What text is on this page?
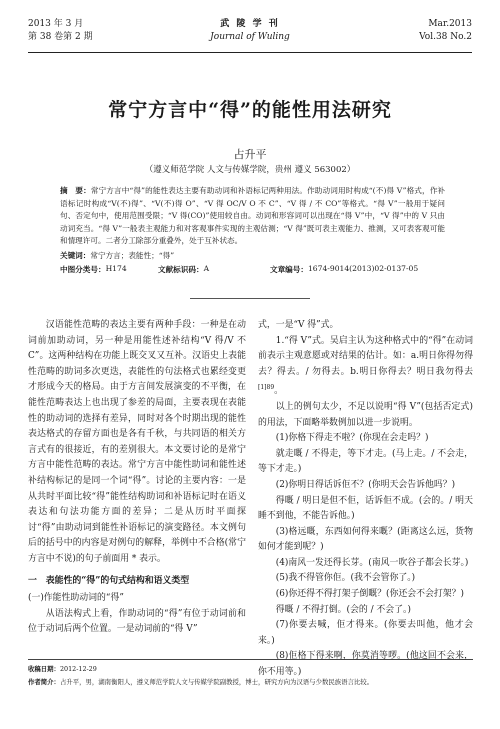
2013 年 3 月
第 38 卷第 2 期
武 陵 学 刊
Journal of Wuling
Mar.2013
Vol.38 No.2
常宁方言中“得”的能性用法研究
占升平
（遵义师范学院 人文与传媒学院，贵州 遵义 563002）
摘　要：常宁方言中“得”的能性表达主要有助动词和补语标记两种用法。作助动词用时构成“(不)得 V”格式，作补语标记时构成“V(不)得”、“V(不)得 O”、“V 得 OC/V O 不 C”、“V 得 / 不 CO”等格式。“得 V”一般用于疑问句、否定句中，使用范围受限；“V 得(CO)”使用较自由。动词和形容词可以出现在“得 V”中，“V 得”中的 V 只由动词充当。“得 V”一般表主观能力和对客观事件实现的主观估测；“V 得”既可表主观能力、推测，又可表客观可能和情理许可。二者分工除部分重叠外，处于互补状态。
关键词：常宁方言；表能性；“得”
中图分类号： H174	文献标识码： A	文章编号： 1674-9014(2013)02-0137-05

汉语能性范畴的表达主要有两种手段：一种是在动词前加助动词，另一种是用能性述补结构“V 得/V 不 C”。这两种结构在功能上既交叉又互补。汉语史上表能性范畴的助词多次更迭，表能性的句法格式也累经变更才形成今天的格局。由于方言间发展演变的不平衡，在能性范畴表达上也出现了参差的局面，主要表现在表能性的助动词的选择有差异，同时对各个时期出现的能性表达格式的存留方面也是各有千秋，与共同语的相关方言式有的很接近，有的差别很大。本文要讨论的是常宁方言中能性范畴的表达。常宁方言中能性助词和能性述补结构标记的是同一个词“得”。讨论的主要内容：一是从共时平面比较“得”能性结构助词和补语标记时在语义表达和句法功能方面的差异；二是从历时平面探讨“得”由助动词到能性补语标记的演变路径。本文例句后的括号中的内容是对例句的解释，举例中不合格(常宁方言中不说)的句子前面用 * 表示。

一　表能性的“得”的句式结构和语义类型

(一)作能性助动词的“得”

从语法构式上看，作助动词的“得”有位于动词前和位于动词后两个位置。一是动词前的“得 V”

式，一是“V 得”式。

1.“得 V”式。吴启主认为这种格式中的“得”在动词前表示主观意愿或对结果的估计。如：a.明日你得勿得去？得去。/ 勿得去。b.明日你得去？明日我勿得去$^{[1]89}$。

以上的例句太少，不足以说明“得 V”(包括否定式)的用法，下面略举数例加以进一步说明。

(1)你格下得走不啦？(你现在会走吗？)

就走嘅 / 不得走，等下才走。(马上走。/ 不会走，等下才走。)

(2)你明日得话诉佢不？(你明天会告诉他吗？)

得嘅 / 明日是但不佢，话诉佢不成。(会的。/ 明天睡不到他，不能告诉他。)

(3)格远嘅，东西如何得来嘅？(距离这么远，货物如何才能到呢？)

(4)南风一发还得长芽。(南风一吹谷子都会长芽。)

(5)我不得管你佢。(我不会管你了。)

(6)你还得不得打架子倒嘅？(你还会不会打架？)

得嘅 / 不得打倒。(会的 / 不会了。)

(7)你要去喊，佢才得来。(你要去叫他，他才会来。)

(8)佢格下得来啊，你莫消等啰。(他这回不会来，你不用等。)

收稿日期：2012-12-29
作者简介：占升平，男，湖南衡阳人，遵义师范学院人文与传媒学院副教授，博士，研究方向为汉语与少数民族语言比较。
